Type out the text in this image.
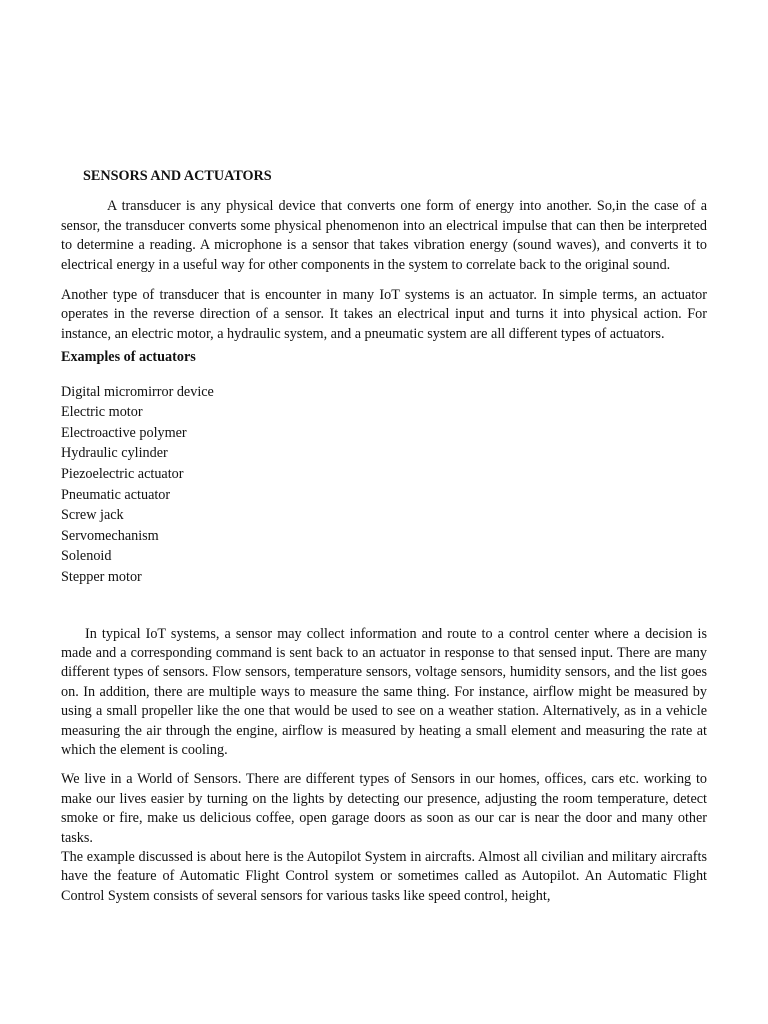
SENSORS AND ACTUATORS

A transducer is any physical device that converts one form of energy into another. So,in the case of a sensor, the transducer converts some physical phenomenon into an electrical impulse that can then be interpreted to determine a reading. A microphone is a sensor that takes vibration energy (sound waves), and converts it to electrical energy in a useful way for other components in the system to correlate back to the original sound.

Another type of transducer that is encounter in many IoT systems is an actuator. In simple terms, an actuator operates in the reverse direction of a sensor. It takes an electrical input and turns it into physical action. For instance, an electric motor, a hydraulic system, and a pneumatic system are all different types of actuators.

Examples of actuators
Digital micromirror device
Electric motor
Electroactive polymer
Hydraulic cylinder
Piezoelectric actuator
Pneumatic actuator
Screw jack
Servomechanism
Solenoid
Stepper motor

In typical IoT systems, a sensor may collect information and route to a control center where a decision is made and a corresponding command is sent back to an actuator in response to that sensed input. There are many different types of sensors. Flow sensors, temperature sensors, voltage sensors, humidity sensors, and the list goes on. In addition, there are multiple ways to measure the same thing. For instance, airflow might be measured by using a small propeller like the one that would be used to see on a weather station. Alternatively, as in a vehicle measuring the air through the engine, airflow is measured by heating a small element and measuring the rate at which the element is cooling.

We live in a World of Sensors. There are different types of Sensors in our homes, offices, cars etc. working to make our lives easier by turning on the lights by detecting our presence, adjusting the room temperature, detect smoke or fire, make us delicious coffee, open garage doors as soon as our car is near the door and many other tasks.

The example discussed is about here is the Autopilot System in aircrafts. Almost all civilian and military aircrafts have the feature of Automatic Flight Control system or sometimes called as Autopilot. An Automatic Flight Control System consists of several sensors for various tasks like speed control, height,
